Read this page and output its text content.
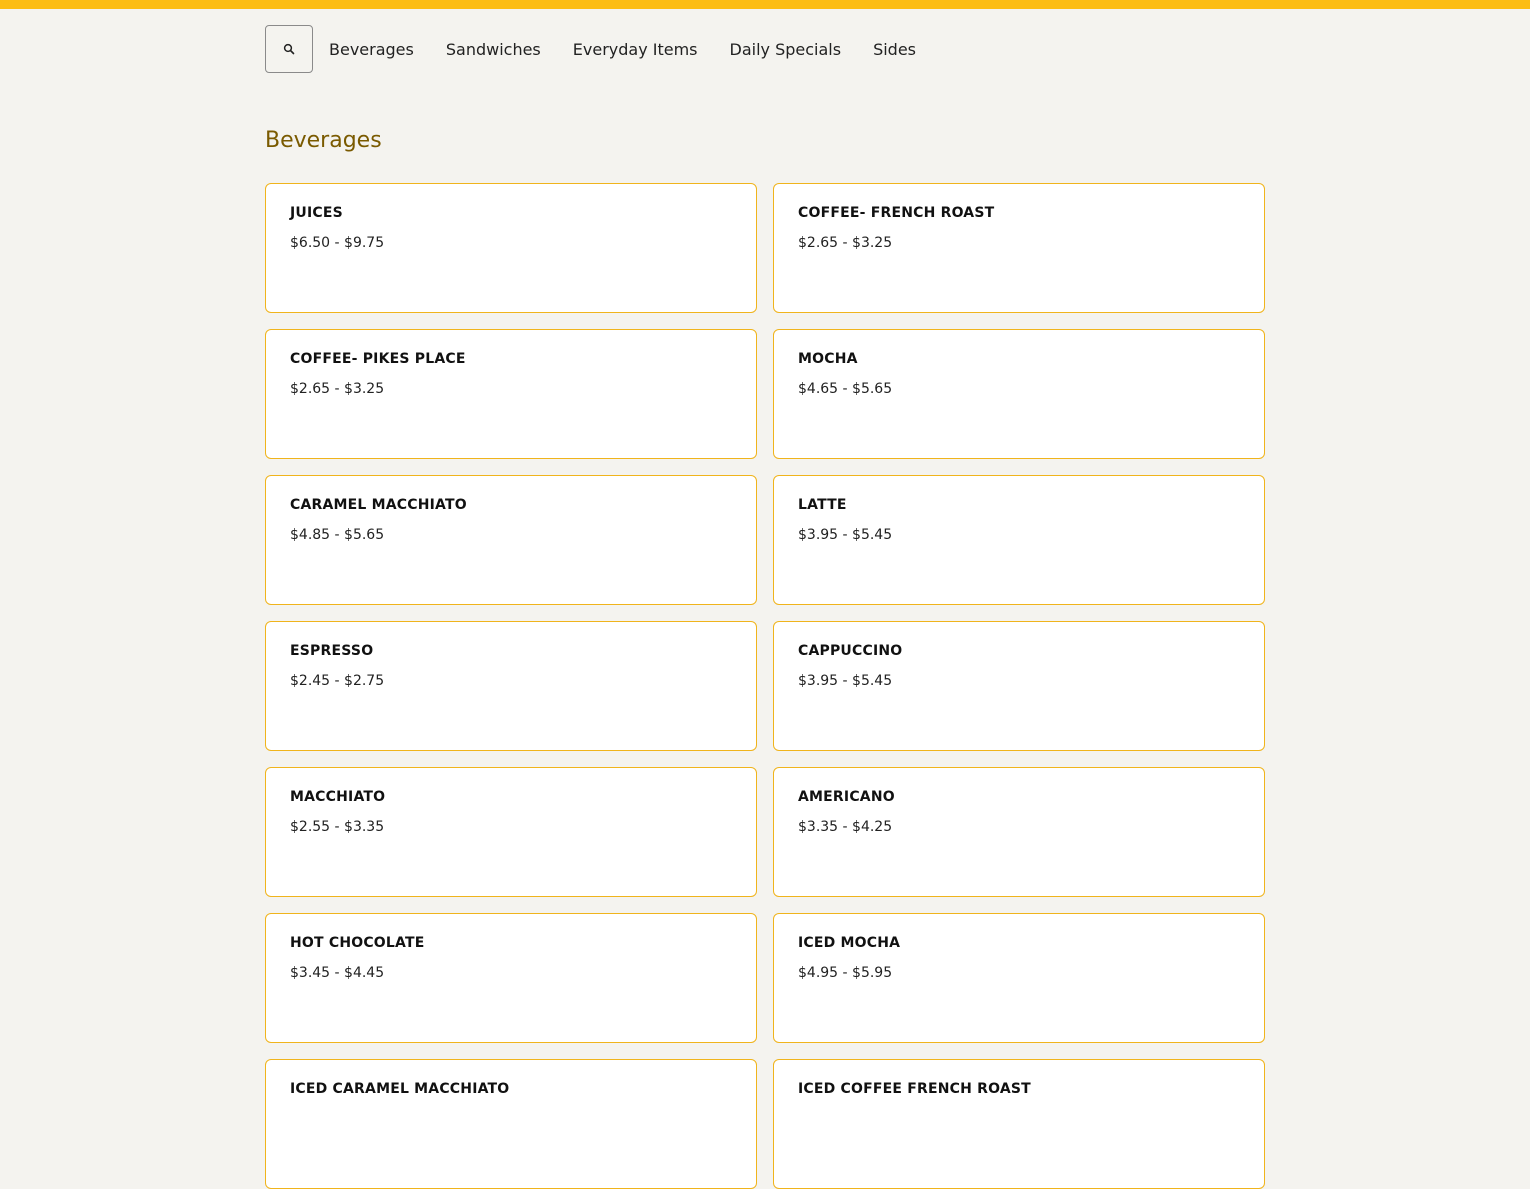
Beverages Sandwiches Everyday Items Daily Specials Sides
Beverages
JUICES
$6.50 - $9.75
COFFEE- FRENCH ROAST
$2.65 - $3.25
COFFEE- PIKES PLACE
$2.65 - $3.25
MOCHA
$4.65 - $5.65
CARAMEL MACCHIATO
$4.85 - $5.65
LATTE
$3.95 - $5.45
ESPRESSO
$2.45 - $2.75
CAPPUCCINO
$3.95 - $5.45
MACCHIATO
$2.55 - $3.35
AMERICANO
$3.35 - $4.25
HOT CHOCOLATE
$3.45 - $4.45
ICED MOCHA
$4.95 - $5.95
ICED CARAMEL MACCHIATO	ICED COFFEE FRENCH ROAST
